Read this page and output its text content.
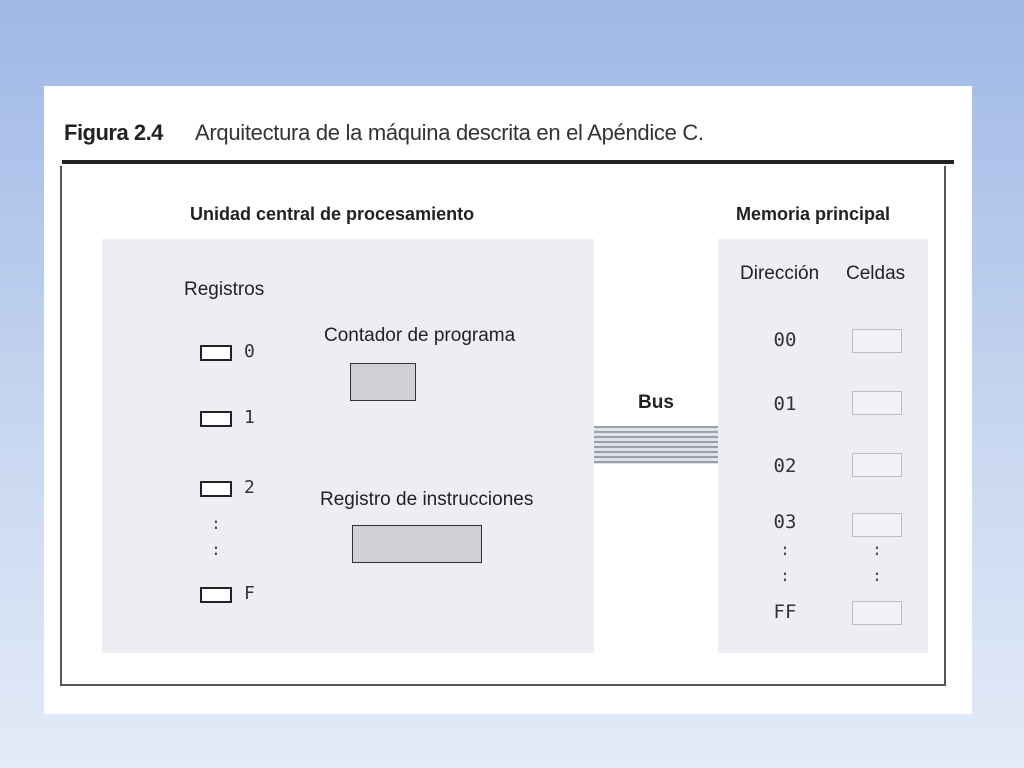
Figura 2.4 Arquitectura de la máquina descrita en el Apéndice C.
Unidad central de procesamiento	Memoria principal
Registros
0
1
2
:
:
F
Contador de programa
Registro de instrucciones
Bus
Dirección Celdas
00
01
02
03
:
:
:
:
FF
